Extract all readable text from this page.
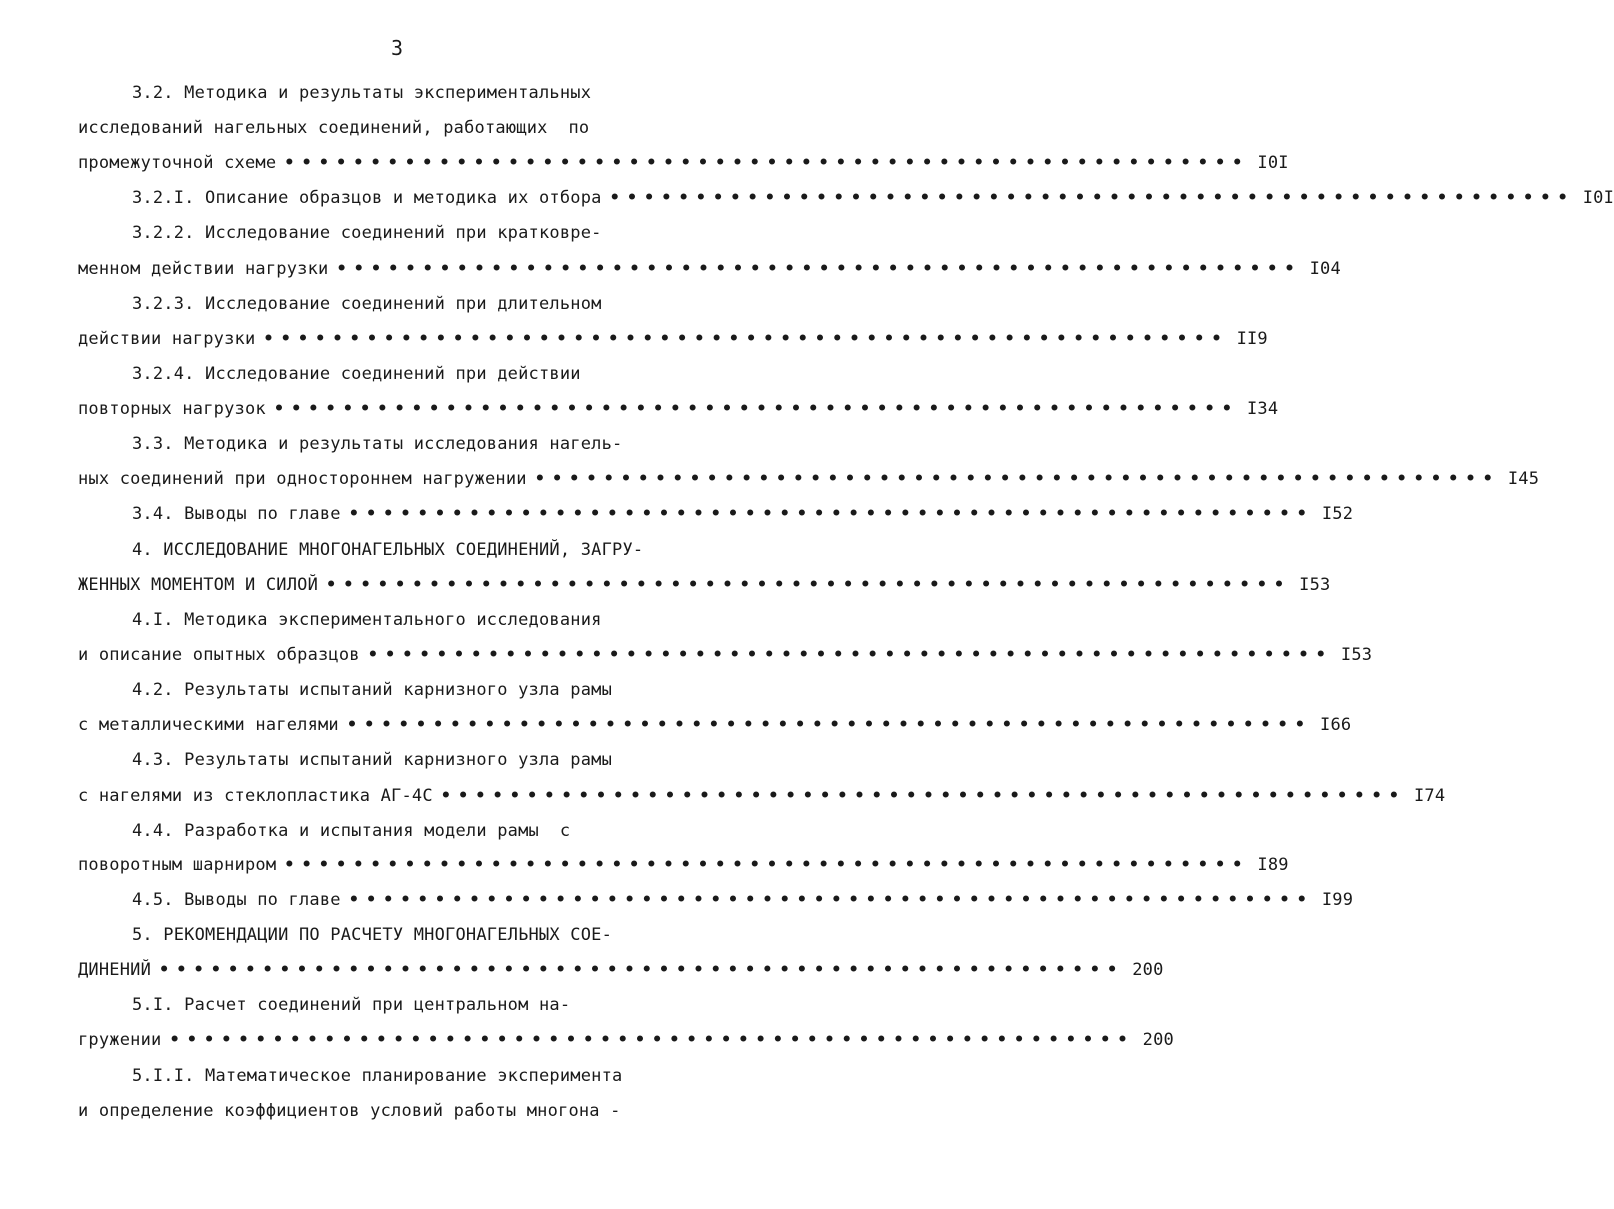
3
3.2. Методика и результаты экспериментальных
исследований нагельных соединений, работающих  по
промежуточной схеме •••••••••••••••••••••••••••••••••••••••••••••••••••••••• I0I
3.2.I. Описание образцов и методика их отбора •••••••••••••••••••••••••••••••••••••••••••••••••••••••• I0I
3.2.2. Исследование соединений при кратковре-
менном действии нагрузки •••••••••••••••••••••••••••••••••••••••••••••••••••••••• I04
3.2.3. Исследование соединений при длительном
действии нагрузки •••••••••••••••••••••••••••••••••••••••••••••••••••••••• II9
3.2.4. Исследование соединений при действии
повторных нагрузок •••••••••••••••••••••••••••••••••••••••••••••••••••••••• I34
3.3. Методика и результаты исследования нагель-
ных соединений при одностороннем нагружении •••••••••••••••••••••••••••••••••••••••••••••••••••••••• I45
3.4. Выводы по главе •••••••••••••••••••••••••••••••••••••••••••••••••••••••• I52
4. ИССЛЕДОВАНИЕ МНОГОНАГЕЛЬНЫХ СОЕДИНЕНИЙ, ЗАГРУ-
ЖЕННЫХ МОМЕНТОМ И СИЛОЙ •••••••••••••••••••••••••••••••••••••••••••••••••••••••• I53
4.I. Методика экспериментального исследования
и описание опытных образцов •••••••••••••••••••••••••••••••••••••••••••••••••••••••• I53
4.2. Результаты испытаний карнизного узла рамы
с металлическими нагелями •••••••••••••••••••••••••••••••••••••••••••••••••••••••• I66
4.3. Результаты испытаний карнизного узла рамы
с нагелями из стеклопластика АГ-4С •••••••••••••••••••••••••••••••••••••••••••••••••••••••• I74
4.4. Разработка и испытания модели рамы  с
поворотным шарниром •••••••••••••••••••••••••••••••••••••••••••••••••••••••• I89
4.5. Выводы по главе •••••••••••••••••••••••••••••••••••••••••••••••••••••••• I99
5. РЕКОМЕНДАЦИИ ПО РАСЧЕТУ МНОГОНАГЕЛЬНЫХ СОЕ-
ДИНЕНИЙ •••••••••••••••••••••••••••••••••••••••••••••••••••••••• 200
5.I. Расчет соединений при центральном на-
гружении •••••••••••••••••••••••••••••••••••••••••••••••••••••••• 200
5.I.I. Математическое планирование эксперимента
и определение коэффициентов условий работы многона -
